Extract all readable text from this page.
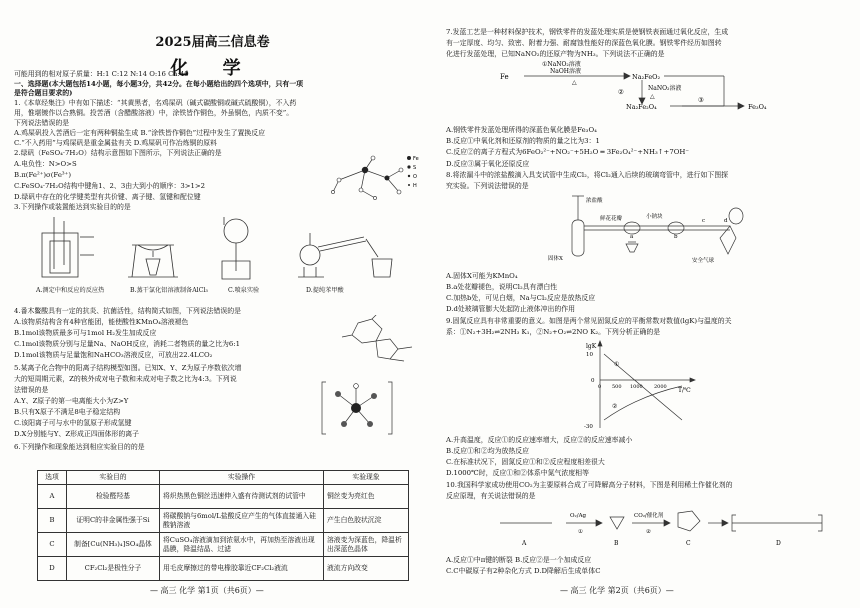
2025届高三信息卷
化 学
可能用到的相对原子质量：H:1 C:12 N:14 O:16 Ca:40
一、选择题(本大题包括14小题，每小题3分，共42分。在每小题给出的四个选项中，只有一项
是符合题目要求的)
1.《本草经集注》中有如下描述：“其黄黑者，名鸡屎矾（碱式碳酸铜或碱式硫酸铜），不入药
用，惟堪镀作以合熟铜。投苦酒（含醋酸溶液）中，涂铁皆作铜色，外虽铜色，内质不变”。
下列说法错误的是
A.鸡屎矾投入苦酒后一定有两种铜盐生成 B.“涂铁皆作铜色”过程中发生了置换反应
C.“不入药用”与鸡屎矾是重金属盐有关 D.鸡屎矾可作冶炼铜的原料
2.绿矾（FeSO₄·7H₂O）结构示意图如下图所示，下列说法正确的是
A.电负性：N>O>S
B.π(Fe²⁺)σ(Fe³⁺)
C.FeSO₄·7H₂O结构中键角1、2、3由大到小的顺序：3>1>2
D.绿矾中存在的化学键类型有共价键、离子键、氢键和配位键
Fe
S
O
H
3.下列操作或装置能达到实验目的的是
A.测定中和反应的反应热	B.蒸干氯化铝溶液制备AlCl₃	C.喷泉实验	D.提纯苯甲酸
4.番木鳖酸具有一定的抗炎、抗菌活性，结构简式如图，下列说法错误的是
A.该物质结构含有4种官能团，能使酸性KMnO₄溶液褪色
B.1mol该物质最多可与1mol H₂发生加成反应
C.1mol该物质分别与足量Na、NaOH反应，消耗二者物质的量之比为6:1
D.1mol该物质与足量饱和NaHCO₃溶液反应，可放出22.4LCO₂
5.某离子化合物中的阳离子结构模型如图。已知X、Y、Z为原子序数依次增
大的短周期元素，Z的核外成对电子数和未成对电子数之比为4:3。下列说
法错误的是
A.Y、Z原子的第一电离能大小为Z>Y
B.只有X原子不满足8电子稳定结构
C.该阳离子可与水中的氢原子形成氢键
D.X分别能与Y、Z形成正四面体形的离子
6.下列操作和现象能达到相应实验目的的是
选项	实验目的	实验操作	实验现象
A	检验醛羟基	将炽热黑色铜丝迅速伸入盛有待测试剂的试管中	铜丝变为亮红色
B	证明C的非金属性强于Si	将碳酸钠与6mol/L盐酸反应产生的气体直接通入硅酸钠溶液	产生白色胶状沉淀
C	制备[Cu(NH₃)₄]SO₄晶体	将CuSO₄溶液滴加到浓氨水中，再加热至溶液出现晶膜，降温结晶、过滤	溶液变为深蓝色，降温析出深蓝色晶体
D	CF₂Cl₂是极性分子	用毛皮摩擦过的带电橡胶靠近CF₂Cl₂液流	液流方向改变
— 高三 化学 第1页（共6页）—
7.发蓝工艺是一种材料保护技术，钢铁零件的发蓝处理实质是使钢铁表面通过氧化反应，生成
有一定厚度、均匀、致密、附着力强、耐腐蚀性能好的深蓝色氧化膜。钢铁零件经历如图转
化进行发蓝处理，已知NaNO₂的还原产物为NH₃。下列说法不正确的是
Fe
①NaNO₂溶液
NaOH溶液
△
Na₂FeO₂
②	NaNO₂溶液
△
Na₂Fe₂O₄
③
Fe₃O₄
A.钢铁零件发蓝处理所得的深蓝色氧化膜是Fe₃O₄
B.反应①中氧化剂和还原剂的物质的量之比为3：1
C.反应②的离子方程式为6FeO₂²⁻+NO₂⁻+5H₂O ═ 3Fe₂O₄²⁻+NH₃↑+7OH⁻
D.反应③属于氧化还原反应
8.将浓漏斗中的浓盐酸滴入具支试管中生成Cl₂，将Cl₂通入后续的玻璃弯管中，进行如下图探
究实验。下列说法错误的是
浓盐酸
鲜花花瓣	小钠块
固体X	安全气球
a	b
c	d
A.固体X可能为KMnO₄
B.a处花瓣褪色，说明Cl₂具有漂白性
C.加热b处，可见白烟，Na与Cl₂反应是放热反应
D.d处玻璃管膨大处起防止液体冲出的作用
9.固氮反应具有非常重要的意义。如图是两个常见固氮反应的平衡常数对数值(lgK)与温度的关
系：①N₂+3H₂⇌2NH₃ K₁，②N₂+O₂⇌2NO K₂。下列分析正确的是
lgK
T/℃
①
②
10
0
-30
0 500 1000 2000
A.升高温度，反应①的反应速率增大，反应②的反应速率减小
B.反应①和②均为放热反应
C.在标准状况下，固氮反应①和②反应程度相差很大
D.1000℃时，反应①和②体系中氮气浓度相等
10.我国科学家成功使用CO₂为主要原料合成了可降解高分子材料，下图是利用稀土作催化剂的
反应原理，有关说法错误的是
O₂/Ag
①
CO₂/催化剂
②
A	B	C	D
A.反应①中π键的断裂 B.反应②是一个加成反应
C.C中碳原子有2种杂化方式 D.D降解后生成单体C
— 高三 化学 第2页（共6页）—
